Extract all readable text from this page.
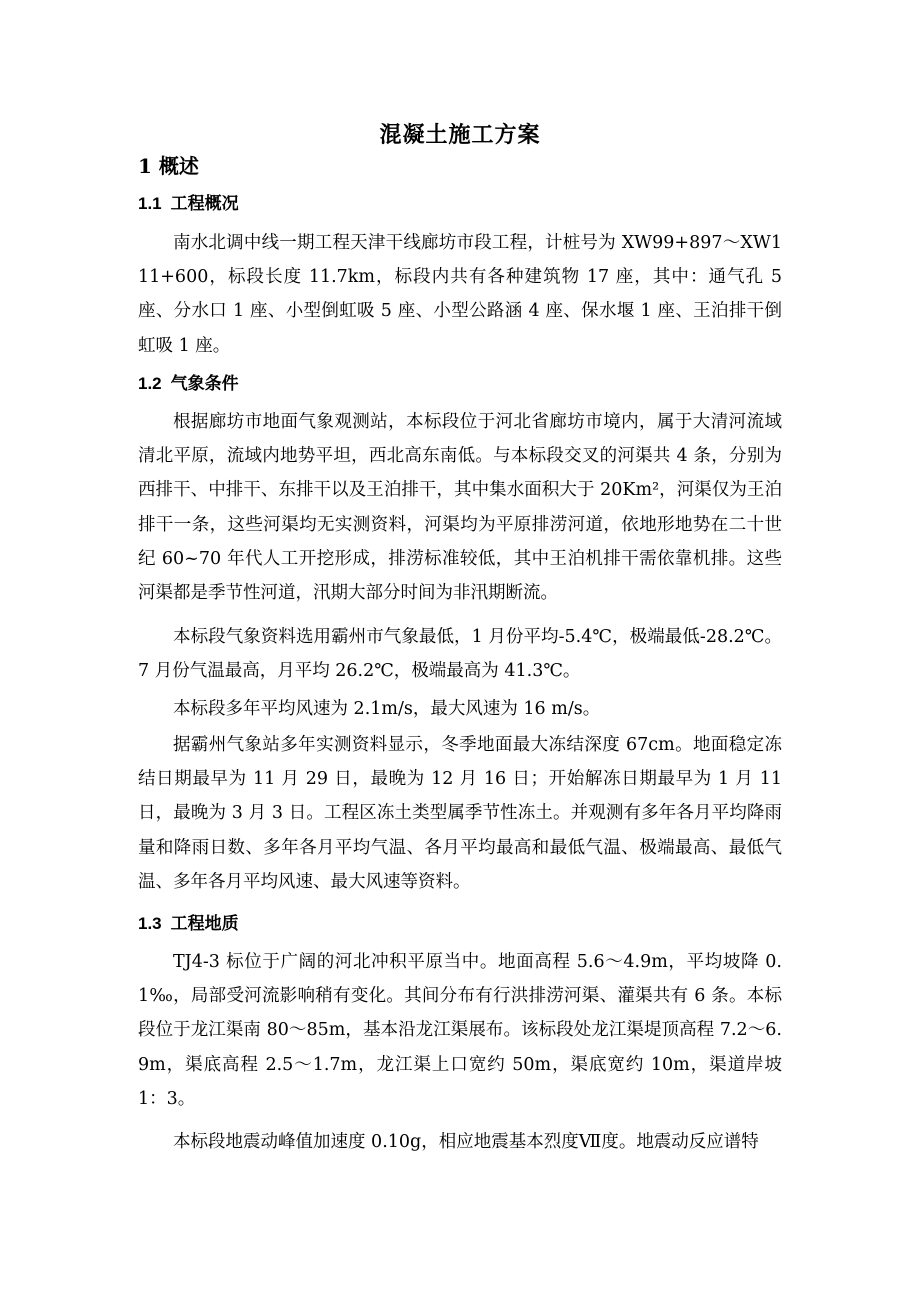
混凝土施工方案
1 概述
1.1 工程概况

南水北调中线一期工程天津干线廊坊市段工程，计桩号为 XW99+897～XW111+600，标段长度 11.7km，标段内共有各种建筑物 17 座，其中：通气孔 5 座、分水口 1 座、小型倒虹吸 5 座、小型公路涵 4 座、保水堰 1 座、王泊排干倒虹吸 1 座。

1.2 气象条件

根据廊坊市地面气象观测站，本标段位于河北省廊坊市境内，属于大清河流域清北平原，流域内地势平坦，西北高东南低。与本标段交叉的河渠共 4 条，分别为西排干、中排干、东排干以及王泊排干，其中集水面积大于 20Km²，河渠仅为王泊排干一条，这些河渠均无实测资料，河渠均为平原排涝河道，依地形地势在二十世纪 60~70 年代人工开挖形成，排涝标准较低，其中王泊机排干需依靠机排。这些河渠都是季节性河道，汛期大部分时间为非汛期断流。

本标段气象资料选用霸州市气象最低，1 月份平均-5.4℃，极端最低-28.2℃。7 月份气温最高，月平均 26.2℃，极端最高为 41.3℃。

本标段多年平均风速为 2.1m/s，最大风速为 16 m/s。

据霸州气象站多年实测资料显示，冬季地面最大冻结深度 67cm。地面稳定冻结日期最早为 11 月 29 日，最晚为 12 月 16 日；开始解冻日期最早为 1 月 11 日，最晚为 3 月 3 日。工程区冻土类型属季节性冻土。并观测有多年各月平均降雨量和降雨日数、多年各月平均气温、各月平均最高和最低气温、极端最高、最低气温、多年各月平均风速、最大风速等资料。

1.3 工程地质

TJ4-3 标位于广阔的河北冲积平原当中。地面高程 5.6～4.9m，平均坡降 0.1‰，局部受河流影响稍有变化。其间分布有行洪排涝河渠、灌渠共有 6 条。本标段位于龙江渠南 80～85m，基本沿龙江渠展布。该标段处龙江渠堤顶高程 7.2～6.9m，渠底高程 2.5～1.7m，龙江渠上口宽约 50m，渠底宽约 10m，渠道岸坡 1：3。

本标段地震动峰值加速度 0.10g，相应地震基本烈度Ⅶ度。地震动反应谱特
